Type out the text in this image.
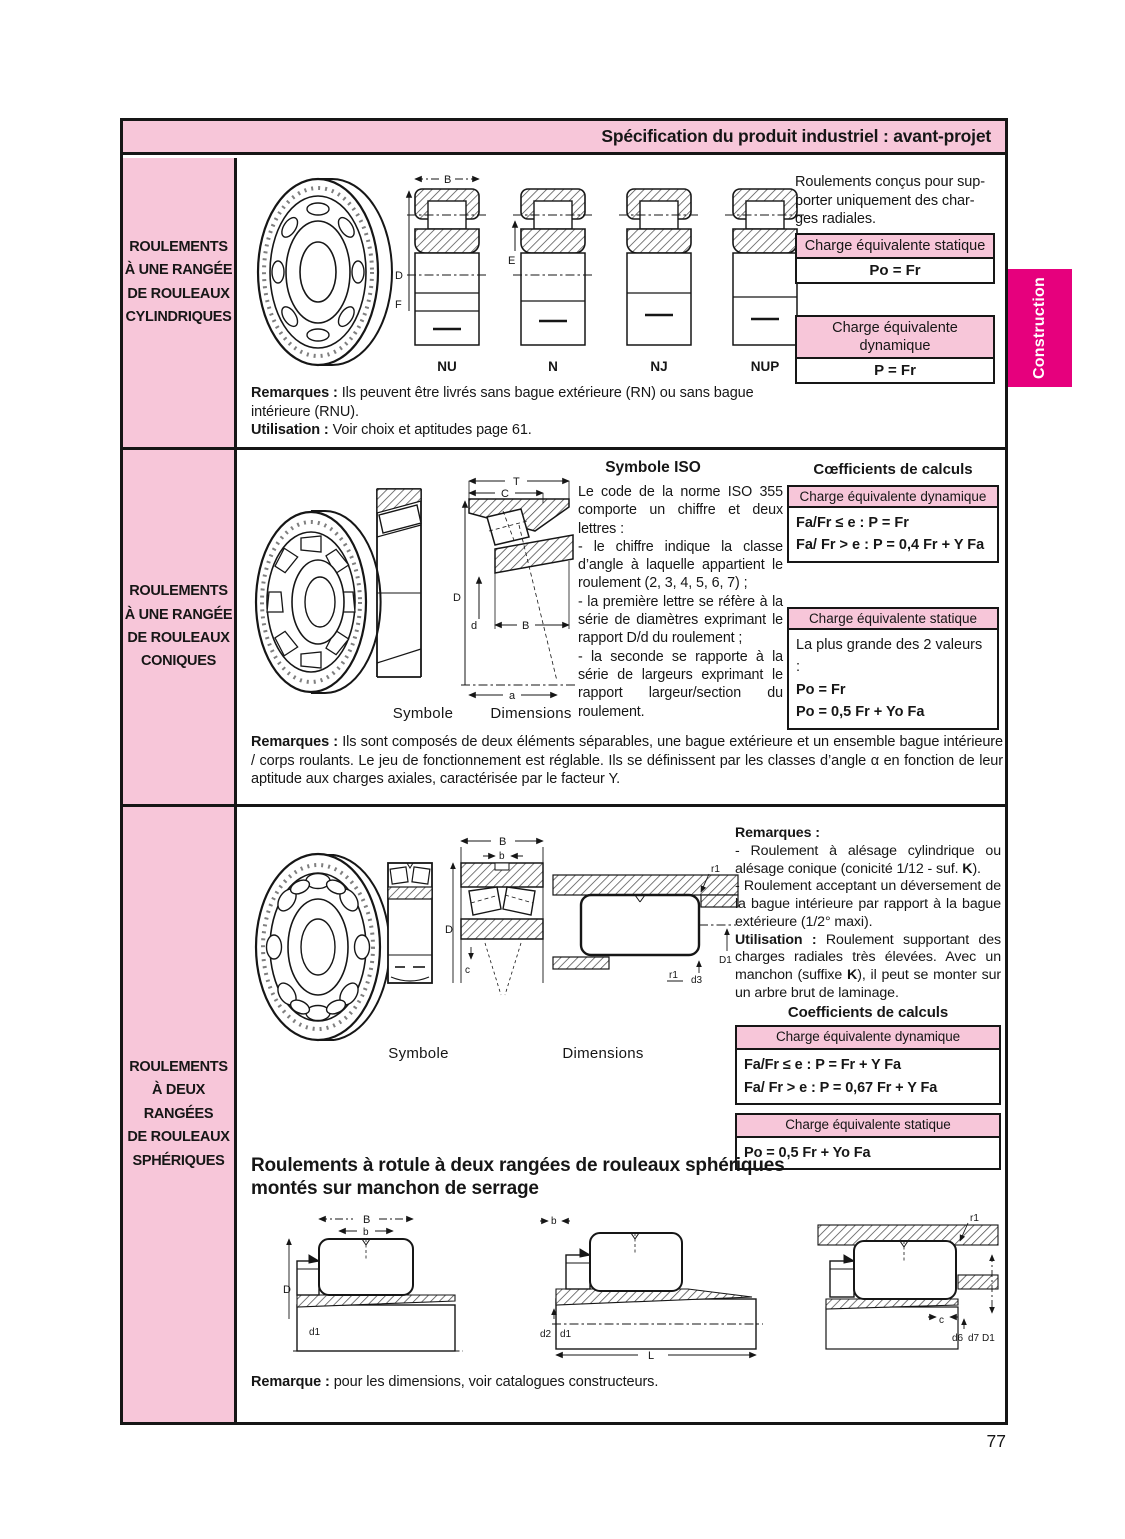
Spécification du produit industriel : avant-projet
ROULEMENTS
À UNE RANGÉE
DE ROULEAUX
CYLINDRIQUES
ROULEMENTS
À UNE RANGÉE
DE ROULEAUX
CONIQUES
ROULEMENTS
À DEUX
RANGÉES
DE ROULEAUX
SPHÉRIQUES
B
D
F
E
NU	N	NJ	NUP
Roulements conçus pour sup-
porter uniquement des char-
ges radiales.
Charge équivalente statique
Po = Fr
Charge équivalente dynamique
P = Fr
Remarques : Ils peuvent être livrés sans bague extérieure (RN) ou sans bague intérieure (RNU).
Utilisation : Voir choix et aptitudes page 61.
Symbole ISO	Cœfficients de calculs
T
C
D
d	B
a
Symbole	Dimensions
Le code de la norme ISO 355 comporte un chiffre et deux lettres :
- le chiffre indique la classe d’angle à laquelle appartient le roulement (2, 3, 4, 5, 6, 7) ;
- la première lettre se réfère à la série de diamètres exprimant le rapport D/d du roulement ;
- la seconde se rapporte à la série de largeurs exprimant le rapport largeur/section du roulement.
Charge équivalente dynamique
Fa/Fr ≤ e : P = Fr
Fa/ Fr > e : P = 0,4 Fr + Y Fa
Charge équivalente statique
La plus grande des 2 valeurs :
Po = Fr
Po = 0,5 Fr + Yo Fa
Remarques : Ils sont composés de deux éléments séparables, une bague extérieure et un ensemble bague intérieure / corps roulants. Le jeu de fonctionnement est réglable. Ils se définissent par les classes d’angle α en fonction de leur aptitude aux charges axiales, caractérisée par le facteur Y.
B
b
D
c
r1
D1
r1 d3
Symbole	Dimensions
Remarques :
- Roulement à alésage cylindrique ou alésage conique (conicité 1/12 - suf. K).
- Roulement acceptant un déversement de la bague intérieure par rapport à la bague extérieure (1/2° maxi).
Utilisation : Roulement supportant des charges radiales très élevées. Avec un manchon (suffixe K), il peut se monter sur un arbre brut de laminage.
Coefficients de calculs
Charge équivalente dynamique
Fa/Fr ≤ e : P = Fr + Y Fa
Fa/ Fr > e : P = 0,67 Fr + Y Fa
Charge équivalente statique
Po = 0,5 Fr + Yo Fa
Roulements à rotule à deux rangées de rouleaux sphériques
montés sur manchon de serrage
B
b
D
d1
b
d2 d1
L
r1
c
d6 d7 D1
Remarque : pour les dimensions, voir catalogues constructeurs.
Construction
77
